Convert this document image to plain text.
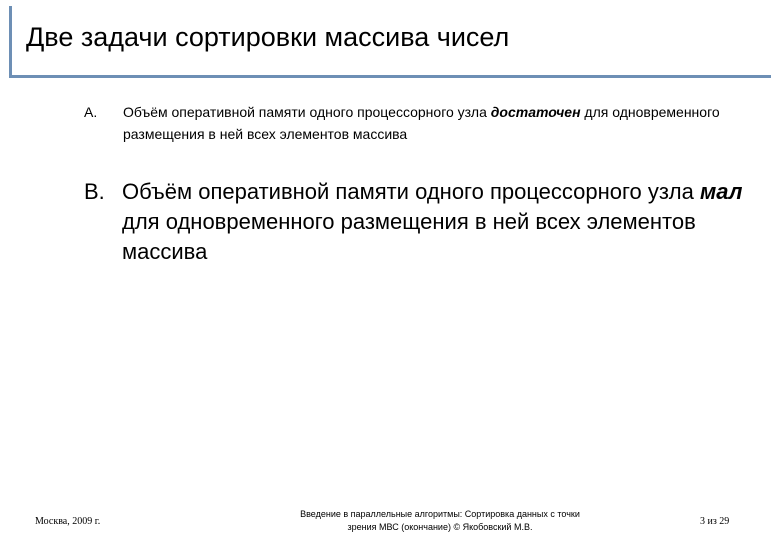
Две задачи сортировки массива чисел
A. Объём оперативной памяти одного процессорного узла достаточен для одновременного размещения в ней всех элементов массива
B. Объём оперативной памяти одного процессорного узла мал для одновременного размещения в ней всех элементов массива
Москва, 2009 г.
Введение в параллельные алгоритмы: Сортировка данных с точки
зрения МВС (окончание) © Якобовский М.В.	3 из 29
